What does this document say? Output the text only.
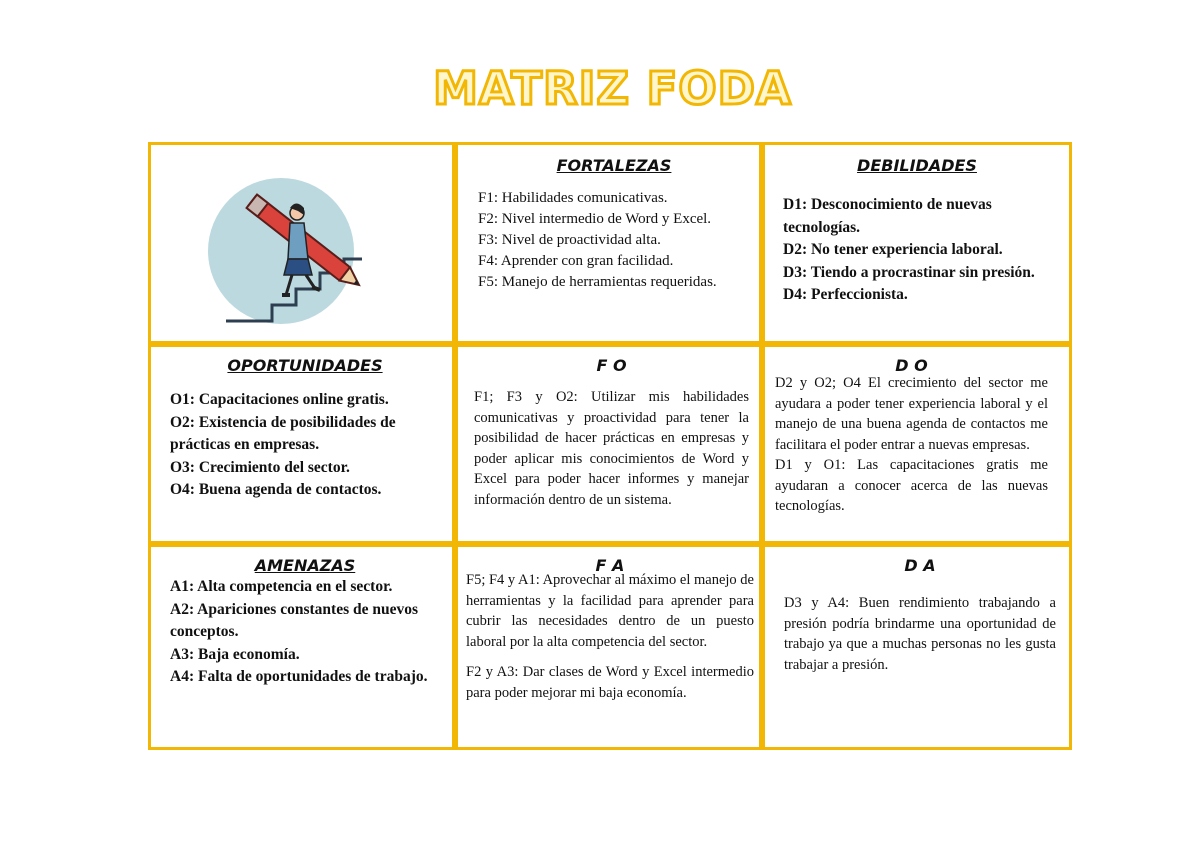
MATRIZ FODA
FORTALEZAS

F1: Habilidades comunicativas.

F2: Nivel intermedio de Word y Excel.

F3: Nivel de proactividad alta.

F4: Aprender con gran facilidad.

F5: Manejo de herramientas requeridas.

DEBILIDADES

D1: Desconocimiento de nuevas tecnologías.

D2: No tener experiencia laboral.

D3: Tiendo a procrastinar sin presión.

D4: Perfeccionista.

OPORTUNIDADES

O1: Capacitaciones online gratis.

O2: Existencia de posibilidades de prácticas en empresas.

O3: Crecimiento del sector.

O4: Buena agenda de contactos.

F O
F1; F3 y O2: Utilizar mis habilidades comunicativas y proactividad para tener la posibilidad de hacer prácticas en empresas y poder aplicar mis conocimientos de Word y Excel para poder hacer informes y manejar información dentro de un sistema.
D O

D2 y O2; O4 El crecimiento del sector me ayudara a poder tener experiencia laboral y el manejo de una buena agenda de contactos me facilitara el poder entrar a nuevas empresas.

D1 y O1: Las capacitaciones gratis me ayudaran a conocer acerca de las nuevas tecnologías.

AMENAZAS

A1: Alta competencia en el sector.

A2: Apariciones constantes de nuevos conceptos.

A3: Baja economía.

A4: Falta de oportunidades de trabajo.

F A

F5; F4 y A1: Aprovechar al máximo el manejo de herramientas y la facilidad para aprender para cubrir las necesidades dentro de un puesto laboral por la alta competencia del sector.

F2 y A3: Dar clases de Word y Excel intermedio para poder mejorar mi baja economía.

D A
D3 y A4: Buen rendimiento trabajando a presión podría brindarme una oportunidad de trabajo ya que a muchas personas no les gusta trabajar a presión.
